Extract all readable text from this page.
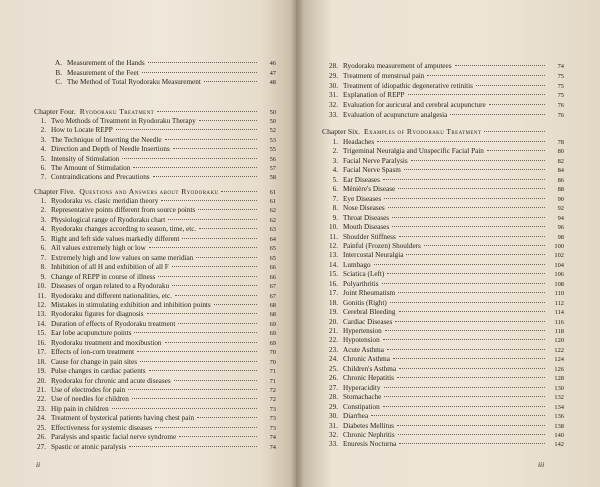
A. Measurement of the Hands	46
B. Measurement of the Feet	47
C. The Method of Total Ryodoraku Measurement	48
Chapter Four. Ryodoraku Treatment	50
1. Two Methods of Treatment in Ryodoraku Therapy	50
2. How to Locate REPP	52
3. The Technique of Inserting the Needle	53
4. Direction and Depth of Needle Insertions	55
5. Intensity of Stimulation	56
6. The Amount of Stimulation	57
7. Contraindications and Precautions	58
Chapter Five. Questions and Answers about Ryodoraku	61
1. Ryodoraku vs. clasic meridian theory	61
2. Representative points different from source points	62
3. Physiological range of Ryodoraku chart	62
4. Ryodoraku changes according to season, time, etc.	63
5. Right and left side values markedly different	64
6. All values extremely high or low	65
7. Extremely high and low values on same meridian	65
8. Inhibition of all H and exhibition of all F	66
9. Change of REPP in course of illness	66
10. Diseases of organ related to a Ryodoraku	67
11. Ryodoraku and different nationalities, etc.	67
12. Mistakes in stimulating exhibition and inhibition points	68
13. Ryodoraku figures for diagnosis	68
14. Duration of effects of Ryodoraku treatment	69
15. Ear lobe acupuncture points	69
16. Ryodoraku treatment and moxibustion	69
17. Effects of ion-corn treatment	70
18. Cause for change in pain sites	70
19. Pulse changes in cardiac patients	71
20. Ryodoraku for chronic and acute diseases	71
21. Use of electrodes for pain	72
22. Use of needles for children	72
23. Hip pain in children	73
24. Treatment of hysterical patients having chest pain	73
25. Effectiveness for systemic diseases	73
26. Paralysis and spastic facial nerve syndrome	74
27. Spastic or atonic paralysis	74
ii
28. Ryodoraku measurement of amputees	74
29. Treatment of menstrual pain	75
30. Treatment of idiopathic degenerative retinitis	75
31. Explanation of REPP	75
32. Evaluation for auricural and cerebral acupuncture	76
33. Evaluation of acupuncture analgesia	76
Chapter Six. Examples of Ryodoraku Treatment
1. Headaches	78
2. Trigeminal Neuralgia and Unspecific Facial Pain	80
3. Facial Nerve Paralysis	82
4. Facial Nerve Spasm	84
5. Ear Diseases	86
6. Ménière's Disease	88
7. Eye Diseases	90
8. Nose Diseases	92
9. Throat Diseases	94
10. Mouth Diseases	96
11. Shoulder Stiffness	98
12. Painful (Frozen) Shoulders	100
13. Intercostal Neuralgia	102
14. Lumbago	104
15. Sciatica (Left)	106
16. Polyarthritis	108
17. Joint Rheumatism	110
18. Gonitis (Right)	112
19. Cerebral Bleeding	114
20. Cardiac Diseases	116
21. Hypertension	118
22. Hypotension	120
23. Acute Asthma	122
24. Chronic Asthma	124
25. Children's Asthma	126
26. Chronic Hepatitis	128
27. Hyperacidity	130
28. Stomachache	132
29. Constipation	134
30. Diarrhea	136
31. Diabetes Mellitus	138
32. Chronic Nephritis	140
33. Enuresis Nocturna	142
iii
